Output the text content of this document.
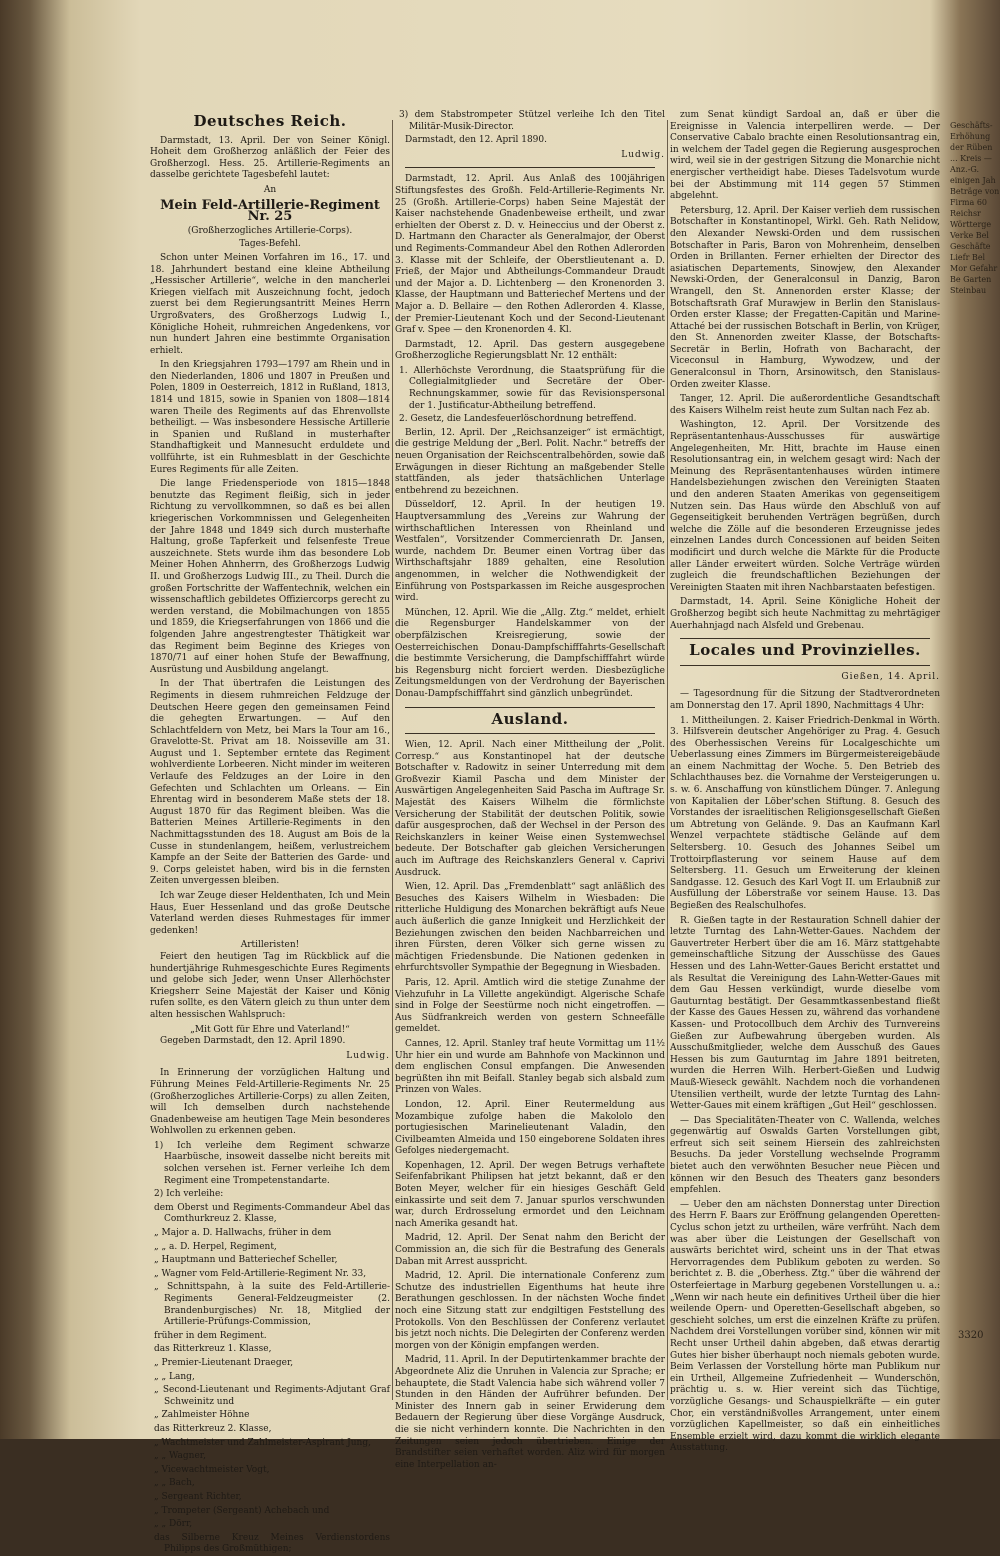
Deutsches Reich.

Darmstadt, 13. April. Der von Seiner Königl. Hoheit dem Großherzog anläßlich der Feier des Großherzogl. Hess. 25. Artillerie-Regiments an dasselbe gerichtete Tagesbefehl lautet:

An
Mein Feld-Artillerie-Regiment Nr. 25
(Großherzogliches Artillerie-Corps).
Tages-Befehl.

Schon unter Meinen Vorfahren im 16., 17. und 18. Jahrhundert bestand eine kleine Abtheilung „Hessischer Artillerie“, welche in den mancherlei Kriegen vielfach mit Auszeichnung focht, jedoch zuerst bei dem Regierungsantritt Meines Herrn Urgroßvaters, des Großherzogs Ludwig I., Königliche Hoheit, ruhmreichen Angedenkens, vor nun hundert Jahren eine bestimmte Organisation erhielt.

In den Kriegsjahren 1793—1797 am Rhein und in den Niederlanden, 1806 und 1807 in Preußen und Polen, 1809 in Oesterreich, 1812 in Rußland, 1813, 1814 und 1815, sowie in Spanien von 1808—1814 waren Theile des Regiments auf das Ehrenvollste betheiligt. — Was insbesondere Hessische Artillerie in Spanien und Rußland in musterhafter Standhaftigkeit und Mannesucht erduldete und vollführte, ist ein Ruhmesblatt in der Geschichte Eures Regiments für alle Zeiten.

Die lange Friedensperiode von 1815—1848 benutzte das Regiment fleißig, sich in jeder Richtung zu vervollkommnen, so daß es bei allen kriegerischen Vorkommnissen und Gelegenheiten der Jahre 1848 und 1849 sich durch musterhafte Haltung, große Tapferkeit und felsenfeste Treue auszeichnete. Stets wurde ihm das besondere Lob Meiner Hohen Ahnherrn, des Großherzogs Ludwig II. und Großherzogs Ludwig III., zu Theil. Durch die großen Fortschritte der Waffentechnik, welchen ein wissenschaftlich gebildetes Offiziercorps gerecht zu werden verstand, die Mobilmachungen von 1855 und 1859, die Kriegserfahrungen von 1866 und die folgenden Jahre angestrengtester Thätigkeit war das Regiment beim Beginne des Krieges von 1870/71 auf einer hohen Stufe der Bewaffnung, Ausrüstung und Ausbildung angelangt.

In der That übertrafen die Leistungen des Regiments in diesem ruhmreichen Feldzuge der Deutschen Heere gegen den gemeinsamen Feind die gehegten Erwartungen. — Auf den Schlachtfeldern von Metz, bei Mars la Tour am 16., Gravelotte-St. Privat am 18. Noisseville am 31. August und 1. September erntete das Regiment wohlverdiente Lorbeeren. Nicht minder im weiteren Verlaufe des Feldzuges an der Loire in den Gefechten und Schlachten um Orleans. — Ein Ehrentag wird in besonderem Maße stets der 18. August 1870 für das Regiment bleiben. Was die Batterien Meines Artillerie-Regiments in den Nachmittagsstunden des 18. August am Bois de la Cusse in stundenlangem, heißem, verlustreichem Kampfe an der Seite der Batterien des Garde- und 9. Corps geleistet haben, wird bis in die fernsten Zeiten unvergessen bleiben.

Ich war Zeuge dieser Heldenthaten, Ich und Mein Haus, Euer Hessenland und das große Deutsche Vaterland werden dieses Ruhmestages für immer gedenken!

Artilleristen!

Feiert den heutigen Tag im Rückblick auf die hundertjährige Ruhmesgeschichte Eures Regiments und gelobe sich Jeder, wenn Unser Allerhöchster Kriegsherr Seine Majestät der Kaiser und König rufen sollte, es den Vätern gleich zu thun unter dem alten hessischen Wahlspruch:

„Mit Gott für Ehre und Vaterland!“

Gegeben Darmstadt, den 12. April 1890.

Ludwig.

In Erinnerung der vorzüglichen Haltung und Führung Meines Feld-Artillerie-Regiments Nr. 25 (Großherzogliches Artillerie-Corps) zu allen Zeiten, will Ich demselben durch nachstehende Gnadenbeweise am heutigen Tage Mein besonderes Wohlwollen zu erkennen geben.

1) Ich verleihe dem Regiment schwarze Haarbüsche, insoweit dasselbe nicht bereits mit solchen versehen ist. Ferner verleihe Ich dem Regiment eine Trompetenstandarte.
2) Ich verleihe:
dem Oberst und Regiments-Commandeur Abel das Comthurkreuz 2. Klasse,
„ Major a. D. Hallwachs, früher in dem
„ „ a. D. Herpel, Regiment,
„ Hauptmann und Batteriechef Scheller,
„ Wagner vom Feld-Artillerie-Regiment Nr. 33,
„ Schnittspahn, à la suite des Feld-Artillerie-Regiments General-Feldzeugmeister (2. Brandenburgisches) Nr. 18, Mitglied der Artillerie-Prüfungs-Commission,
früher in dem Regiment.
das Ritterkreuz 1. Klasse,
„ Premier-Lieutenant Draeger,
„ „ Lang,
„ Second-Lieutenant und Regiments-Adjutant Graf Schweinitz und
„ Zahlmeister Höhne
das Ritterkreuz 2. Klasse,
„ Wachtmeister und Zahlmeister-Aspirant Jung,
„ „ Wagner,
„ Vicewachtmeister Vogt,
„ „ Bach,
„ Sergeant Richter,
„ Trompeter (Sergeant) Achebach und
„ „ Dörr,
das Silberne Kreuz Meines Verdienstordens Philipps des Großmüthigen;
3) dem Stabstrompeter Stützel verleihe Ich den Titel Militär-Musik-Director.

Darmstadt, den 12. April 1890.

Ludwig.

Darmstadt, 12. April. Aus Anlaß des 100jährigen Stiftungsfestes des Großh. Feld-Artillerie-Regiments Nr. 25 (Großh. Artillerie-Corps) haben Seine Majestät der Kaiser nachstehende Gnadenbeweise ertheilt, und zwar erhielten der Oberst z. D. v. Heineccius und der Oberst z. D. Hartmann den Character als Generalmajor, der Oberst und Regiments-Commandeur Abel den Rothen Adlerorden 3. Klasse mit der Schleife, der Oberstlieutenant a. D. Frieß, der Major und Abtheilungs-Commandeur Draudt und der Major a. D. Lichtenberg — den Kronenorden 3. Klasse, der Hauptmann und Batteriechef Mertens und der Major a. D. Bellaire — den Rothen Adlerorden 4. Klasse, der Premier-Lieutenant Koch und der Second-Lieutenant Graf v. Spee — den Kronenorden 4. Kl.

Darmstadt, 12. April. Das gestern ausgegebene Großherzogliche Regierungsblatt Nr. 12 enthält:

1. Allerhöchste Verordnung, die Staatsprüfung für die Collegialmitglieder und Secretäre der Ober-Rechnungskammer, sowie für das Revisionspersonal der 1. Justificatur-Abtheilung betreffend.
2. Gesetz, die Landesfeuerlöschordnung betreffend.

Berlin, 12. April. Der „Reichsanzeiger“ ist ermächtigt, die gestrige Meldung der „Berl. Polit. Nachr.“ betreffs der neuen Organisation der Reichscentralbehörden, sowie daß Erwägungen in dieser Richtung an maßgebender Stelle stattfänden, als jeder thatsächlichen Unterlage entbehrend zu bezeichnen.

Düsseldorf, 12. April. In der heutigen 19. Hauptversammlung des „Vereins zur Wahrung der wirthschaftlichen Interessen von Rheinland und Westfalen“, Vorsitzender Commercienrath Dr. Jansen, wurde, nachdem Dr. Beumer einen Vortrag über das Wirthschaftsjahr 1889 gehalten, eine Resolution angenommen, in welcher die Nothwendigkeit der Einführung von Postsparkassen im Reiche ausgesprochen wird.

München, 12. April. Wie die „Allg. Ztg.“ meldet, erhielt die Regensburger Handelskammer von der oberpfälzischen Kreisregierung, sowie der Oesterreichischen Donau-Dampfschifffahrts-Gesellschaft die bestimmte Versicherung, die Dampfschifffahrt würde bis Regensburg nicht forciert werden. Diesbezügliche Zeitungsmeldungen von der Verdrohung der Bayerischen Donau-Dampfschifffahrt sind gänzlich unbegründet.

Ausland.

Wien, 12. April. Nach einer Mittheilung der „Polit. Corresp.“ aus Konstantinopel hat der deutsche Botschafter v. Radowitz in seiner Unterredung mit dem Großvezir Kiamil Pascha und dem Minister der Auswärtigen Angelegenheiten Said Pascha im Auftrage Sr. Majestät des Kaisers Wilhelm die förmlichste Versicherung der Stabilität der deutschen Politik, sowie dafür ausgesprochen, daß der Wechsel in der Person des Reichskanzlers in keiner Weise einen Systemwechsel bedeute. Der Botschafter gab gleichen Versicherungen auch im Auftrage des Reichskanzlers General v. Caprivi Ausdruck.

Wien, 12. April. Das „Fremdenblatt“ sagt anläßlich des Besuches des Kaisers Wilhelm in Wiesbaden: Die ritterliche Huldigung des Monarchen bekräftigt aufs Neue auch äußerlich die ganze Innigkeit und Herzlichkeit der Beziehungen zwischen den beiden Nachbarreichen und ihren Fürsten, deren Völker sich gerne wissen zu mächtigen Friedensbunde. Die Nationen gedenken in ehrfurchtsvoller Sympathie der Begegnung in Wiesbaden.

Paris, 12. April. Amtlich wird die stetige Zunahme der Viehzufuhr in La Villette angekündigt. Algerische Schafe sind in Folge der Seestürme noch nicht eingetroffen. — Aus Südfrankreich werden von gestern Schneefälle gemeldet.

Cannes, 12. April. Stanley traf heute Vormittag um 11½ Uhr hier ein und wurde am Bahnhofe von Mackinnon und dem englischen Consul empfangen. Die Anwesenden begrüßten ihn mit Beifall. Stanley begab sich alsbald zum Prinzen von Wales.

London, 12. April. Einer Reutermeldung aus Mozambique zufolge haben die Makololo den portugiesischen Marinelieutenant Valadin, den Civilbeamten Almeida und 150 eingeborene Soldaten ihres Gefolges niedergemacht.

Kopenhagen, 12. April. Der wegen Betrugs verhaftete Seifenfabrikant Philipsen hat jetzt bekannt, daß er den Boten Meyer, welcher für ein hiesiges Geschäft Geld einkassirte und seit dem 7. Januar spurlos verschwunden war, durch Erdrosselung ermordet und den Leichnam nach Amerika gesandt hat.

Madrid, 12. April. Der Senat nahm den Bericht der Commission an, die sich für die Bestrafung des Generals Daban mit Arrest ausspricht.

Madrid, 12. April. Die internationale Conferenz zum Schutze des industriellen Eigenthums hat heute ihre Berathungen geschlossen. In der nächsten Woche findet noch eine Sitzung statt zur endgiltigen Feststellung des Protokolls. Von den Beschlüssen der Conferenz verlautet bis jetzt noch nichts. Die Delegirten der Conferenz werden morgen von der Königin empfangen werden.

Madrid, 11. April. In der Deputirtenkammer brachte der Abgeordnete Aliz die Unruhen in Valencia zur Sprache; er behauptete, die Stadt Valencia habe sich während voller 7 Stunden in den Händen der Aufrührer befunden. Der Minister des Innern gab in seiner Erwiderung dem Bedauern der Regierung über diese Vorgänge Ausdruck, die sie nicht verhindern konnte. Die Nachrichten in den Zeitungen seien jedoch übertrieben. Einige der Brandstifter seien verhaftet worden. Aliz wird für morgen eine Interpellation an-

zum Senat kündigt Sardoal an, daß er über die Ereignisse in Valencia interpelliren werde. — Der Conservative Cabalo brachte einen Resolutionsantrag ein, in welchem der Tadel gegen die Regierung ausgesprochen wird, weil sie in der gestrigen Sitzung die Monarchie nicht energischer vertheidigt habe. Dieses Tadelsvotum wurde bei der Abstimmung mit 114 gegen 57 Stimmen abgelehnt.

Petersburg, 12. April. Der Kaiser verlieh dem russischen Botschafter in Konstantinopel, Wirkl. Geh. Rath Nelidow, den Alexander Newski-Orden und dem russischen Botschafter in Paris, Baron von Mohrenheim, denselben Orden in Brillanten. Ferner erhielten der Director des asiatischen Departements, Sinowjew, den Alexander Newski-Orden, der Generalconsul in Danzig, Baron Wrangell, den St. Annenorden erster Klasse; der Botschaftsrath Graf Murawjew in Berlin den Stanislaus-Orden erster Klasse; der Fregatten-Capitän und Marine-Attaché bei der russischen Botschaft in Berlin, von Krüger, den St. Annenorden zweiter Klasse, der Botschafts-Secretär in Berlin, Hofrath von Bacharacht, der Viceconsul in Hamburg, Wywodzew, und der Generalconsul in Thorn, Arsinowitsch, den Stanislaus-Orden zweiter Klasse.

Tanger, 12. April. Die außerordentliche Gesandtschaft des Kaisers Wilhelm reist heute zum Sultan nach Fez ab.

Washington, 12. April. Der Vorsitzende des Repräsentantenhaus-Ausschusses für auswärtige Angelegenheiten, Mr. Hitt, brachte im Hause einen Resolutionsantrag ein, in welchem gesagt wird: Nach der Meinung des Repräsentantenhauses würden intimere Handelsbeziehungen zwischen den Vereinigten Staaten und den anderen Staaten Amerikas von gegenseitigem Nutzen sein. Das Haus würde den Abschluß von auf Gegenseitigkeit beruhenden Verträgen begrüßen, durch welche die Zölle auf die besonderen Erzeugnisse jedes einzelnen Landes durch Concessionen auf beiden Seiten modificirt und durch welche die Märkte für die Producte aller Länder erweitert würden. Solche Verträge würden zugleich die freundschaftlichen Beziehungen der Vereinigten Staaten mit ihren Nachbarstaaten befestigen.

Darmstadt, 14. April. Seine Königliche Hoheit der Großherzog begibt sich heute Nachmittag zu mehrtägiger Auerhahnjagd nach Alsfeld und Grebenau.

Locales und Provinzielles.
Gießen, 14. April.

— Tagesordnung für die Sitzung der Stadtverordneten am Donnerstag den 17. April 1890, Nachmittags 4 Uhr:

1. Mittheilungen. 2. Kaiser Friedrich-Denkmal in Wörth. 3. Hilfsverein deutscher Angehöriger zu Prag. 4. Gesuch des Oberhessischen Vereins für Localgeschichte um Ueberlassung eines Zimmers im Bürgermeistereigebäude an einem Nachmittag der Woche. 5. Den Betrieb des Schlachthauses bez. die Vornahme der Versteigerungen u. s. w. 6. Anschaffung von künstlichem Dünger. 7. Anlegung von Kapitalien der Löber'schen Stiftung. 8. Gesuch des Vorstandes der israelitischen Religionsgesellschaft Gießen um Abtretung von Gelände. 9. Das an Kaufmann Karl Wenzel verpachtete städtische Gelände auf dem Seltersberg. 10. Gesuch des Johannes Seibel um Trottoirpflasterung vor seinem Hause auf dem Seltersberg. 11. Gesuch um Erweiterung der kleinen Sandgasse. 12. Gesuch des Karl Vogt II. um Erlaubniß zur Ausfüllung der Löberstraße vor seinem Hause. 13. Das Begießen des Realschulhofes.

R. Gießen tagte in der Restauration Schnell dahier der letzte Turntag des Lahn-Wetter-Gaues. Nachdem der Gauvertreter Herbert über die am 16. März stattgehabte gemeinschaftliche Sitzung der Ausschüsse des Gaues Hessen und des Lahn-Wetter-Gaues Bericht erstattet und als Resultat die Vereinigung des Lahn-Wetter-Gaues mit dem Gau Hessen verkündigt, wurde dieselbe vom Gauturntag bestätigt. Der Gesammtkassenbestand fließt der Kasse des Gaues Hessen zu, während das vorhandene Kassen- und Protocollbuch dem Archiv des Turnvereins Gießen zur Aufbewahrung übergeben wurden. Als Ausschußmitglieder, welche dem Ausschuß des Gaues Hessen bis zum Gauturntag im Jahre 1891 beitreten, wurden die Herren Wilh. Herbert-Gießen und Ludwig Mauß-Wieseck gewählt. Nachdem noch die vorhandenen Utensilien vertheilt, wurde der letzte Turntag des Lahn-Wetter-Gaues mit einem kräftigen „Gut Heil“ geschlossen.

— Das Specialitäten-Theater von C. Wallenda, welches gegenwärtig auf Oswalds Garten Vorstellungen gibt, erfreut sich seit seinem Hiersein des zahlreichsten Besuchs. Da jeder Vorstellung wechselnde Programm bietet auch den verwöhnten Besucher neue Piècen und können wir den Besuch des Theaters ganz besonders empfehlen.

— Ueber den am nächsten Donnerstag unter Direction des Herrn F. Baars zur Eröffnung gelangenden Operetten-Cyclus schon jetzt zu urtheilen, wäre verfrüht. Nach dem was aber über die Leistungen der Gesellschaft von auswärts berichtet wird, scheint uns in der That etwas Hervorragendes dem Publikum geboten zu werden. So berichtet z. B. die „Oberhess. Ztg.“ über die während der Osterfeiertage in Marburg gegebenen Vorstellungen u. a.: „Wenn wir nach heute ein definitives Urtheil über die hier weilende Opern- und Operetten-Gesellschaft abgeben, so geschieht solches, um erst die einzelnen Kräfte zu prüfen. Nachdem drei Vorstellungen vorüber sind, können wir mit Recht unser Urtheil dahin abgeben, daß etwas derartig Gutes hier bisher überhaupt noch niemals geboten wurde. Beim Verlassen der Vorstellung hörte man Publikum nur ein Urtheil, Allgemeine Zufriedenheit — Wunderschön, prächtig u. s. w. Hier vereint sich das Tüchtige, vorzügliche Gesangs- und Schauspielkräfte — ein guter Chor, ein verständnißvolles Arrangement, unter einem vorzüglichen Kapellmeister, so daß ein einheitliches Ensemble erzielt wird, dazu kommt die wirklich elegante Ausstattung.

Geschäfts- Erhöhung der Rüben ... Kreis — Anz.-G. einigen Jah Beträge von Firma 60 Reichsr Wörtterge Verke Bel Geschäfte Liefr Bel Mor Gefahr Be Garten Steinbau
3320
